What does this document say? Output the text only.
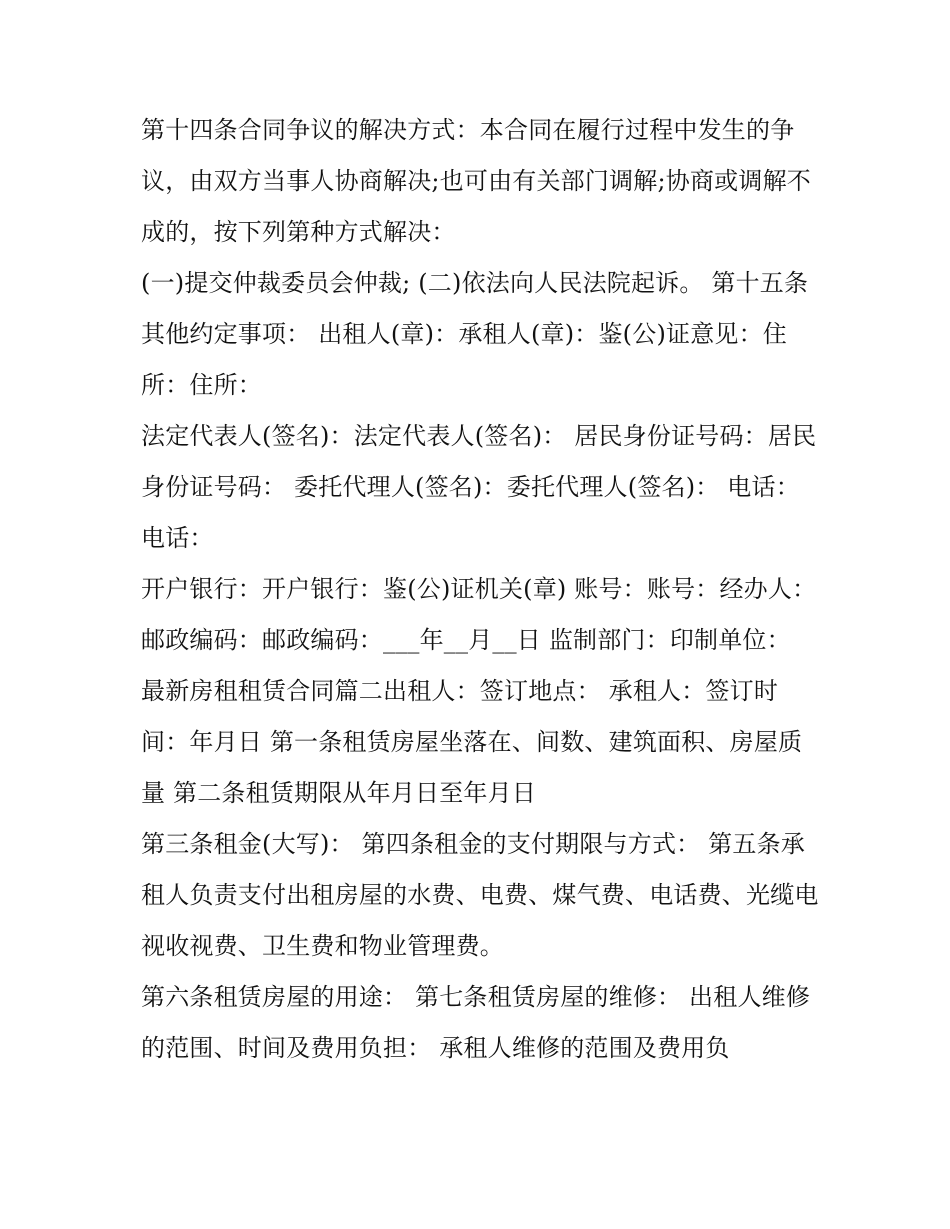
第十四条合同争议的解决方式：本合同在履行过程中发生的争议，由双方当事人协商解决;也可由有关部门调解;协商或调解不成的，按下列第种方式解决：

(一)提交仲裁委员会仲裁; (二)依法向人民法院起诉。 第十五条其他约定事项： 出租人(章)：承租人(章)：鉴(公)证意见：住所：住所：

法定代表人(签名)：法定代表人(签名)： 居民身份证号码：居民身份证号码： 委托代理人(签名)：委托代理人(签名)： 电话：电话：

开户银行：开户银行：鉴(公)证机关(章) 账号：账号：经办人： 邮政编码：邮政编码：___年__月__日 监制部门：印制单位：

最新房租租赁合同篇二出租人：签订地点： 承租人：签订时间：年月日 第一条租赁房屋坐落在、间数、建筑面积、房屋质量 第二条租赁期限从年月日至年月日

第三条租金(大写)： 第四条租金的支付期限与方式： 第五条承租人负责支付出租房屋的水费、电费、煤气费、电话费、光缆电视收视费、卫生费和物业管理费。

第六条租赁房屋的用途： 第七条租赁房屋的维修： 出租人维修的范围、时间及费用负担： 承租人维修的范围及费用负
